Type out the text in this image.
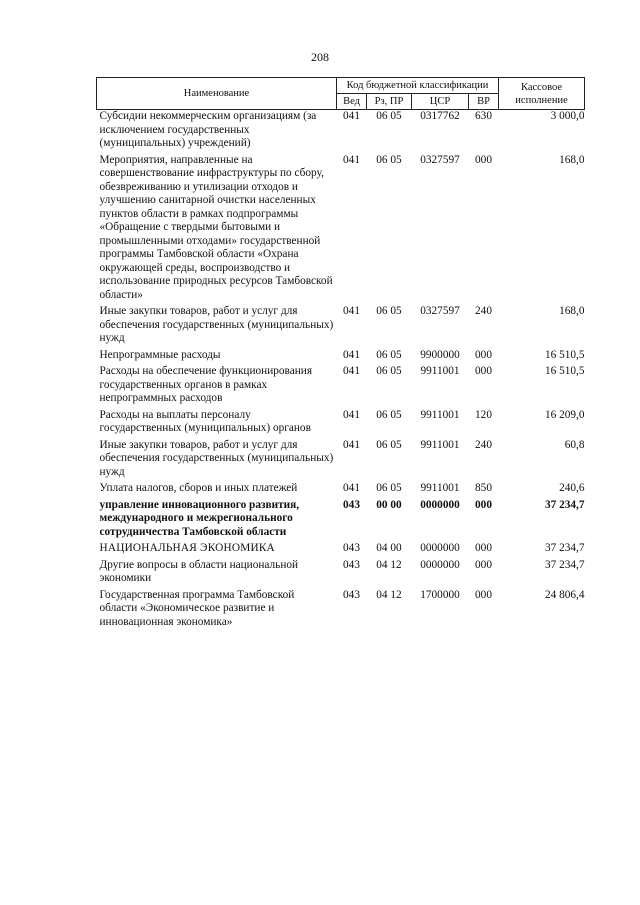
208
Наименование	Код бюджетной классификации				Кассовое
исполнение
	Вед	Рз, ПР	ЦСР	ВР	
Субсидии некоммерческим организациям (за исключением государственных (муниципальных) учреждений)	041	06 05	0317762	630	3 000,0
Мероприятия, направленные на совершенствование инфраструктуры по сбору, обезвреживанию и утилизации отходов и улучшению санитарной очистки населенных пунктов области в рамках подпрограммы «Обращение с твердыми бытовыми и промышленными отходами» государственной программы Тамбовской области «Охрана окружающей среды, воспроизводство и использование природных ресурсов Тамбовской области»	041	06 05	0327597	000	168,0
Иные закупки товаров, работ и услуг для обеспечения государственных (муниципальных) нужд	041	06 05	0327597	240	168,0
Непрограммные расходы	041	06 05	9900000	000	16 510,5
Расходы на обеспечение функционирования государственных органов в рамках непрограммных расходов	041	06 05	9911001	000	16 510,5
Расходы на выплаты персоналу государственных (муниципальных) органов	041	06 05	9911001	120	16 209,0
Иные закупки товаров, работ и услуг для обеспечения государственных (муниципальных) нужд	041	06 05	9911001	240	60,8
Уплата налогов, сборов и иных платежей	041	06 05	9911001	850	240,6
управление инновационного развития, международного и межрегионального сотрудничества Тамбовской области	043	00 00	0000000	000	37 234,7
НАЦИОНАЛЬНАЯ ЭКОНОМИКА	043	04 00	0000000	000	37 234,7
Другие вопросы в области национальной экономики	043	04 12	0000000	000	37 234,7
Государственная программа Тамбовской области «Экономическое развитие и инновационная экономика»	043	04 12	1700000	000	24 806,4
